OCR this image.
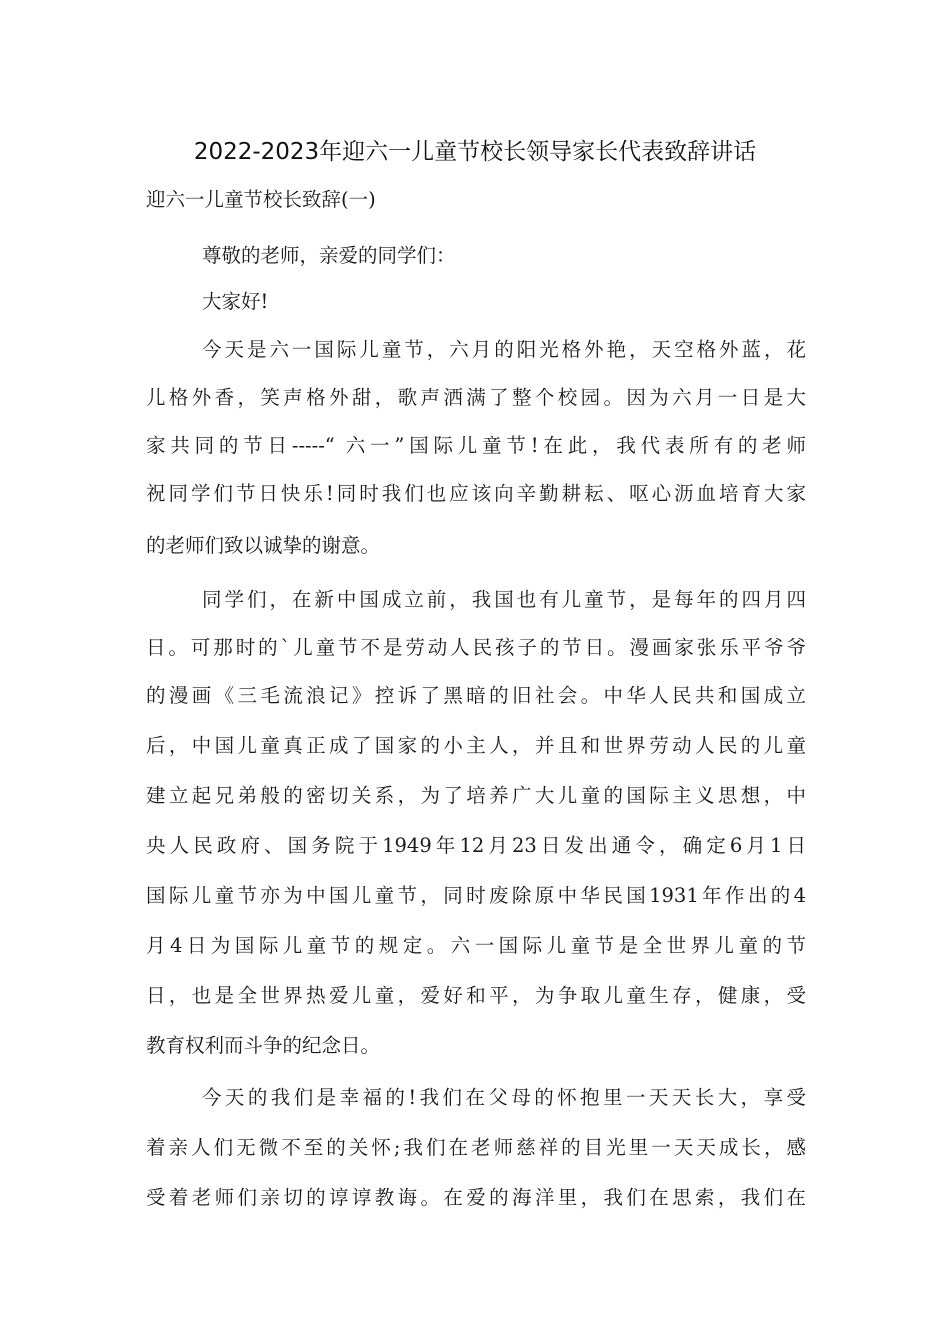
2022-2023年迎六一儿童节校长领导家长代表致辞讲话
迎六一儿童节校长致辞(一)
尊敬的老师，亲爱的同学们：
大家好!
今天是六一国际儿童节，六月的阳光格外艳，天空格外蓝，花
儿格外香，笑声格外甜，歌声洒满了整个校园。因为六月一日是大
家共同的节日-----“ 六一”国际儿童节!在此，我代表所有的老师
祝同学们节日快乐!同时我们也应该向辛勤耕耘、呕心沥血培育大家
的老师们致以诚挚的谢意。
同学们，在新中国成立前，我国也有儿童节，是每年的四月四
日。可那时的`儿童节不是劳动人民孩子的节日。漫画家张乐平爷爷
的漫画《三毛流浪记》控诉了黑暗的旧社会。中华人民共和国成立
后，中国儿童真正成了国家的小主人，并且和世界劳动人民的儿童
建立起兄弟般的密切关系，为了培养广大儿童的国际主义思想，中
央人民政府、国务院于1949年12月23日发出通令，确定6月1日
国际儿童节亦为中国儿童节，同时废除原中华民国1931年作出的4
月4日为国际儿童节的规定。六一国际儿童节是全世界儿童的节
日，也是全世界热爱儿童，爱好和平，为争取儿童生存，健康，受
教育权利而斗争的纪念日。
今天的我们是幸福的!我们在父母的怀抱里一天天长大，享受
着亲人们无微不至的关怀;我们在老师慈祥的目光里一天天成长，感
受着老师们亲切的谆谆教诲。在爱的海洋里，我们在思索，我们在
